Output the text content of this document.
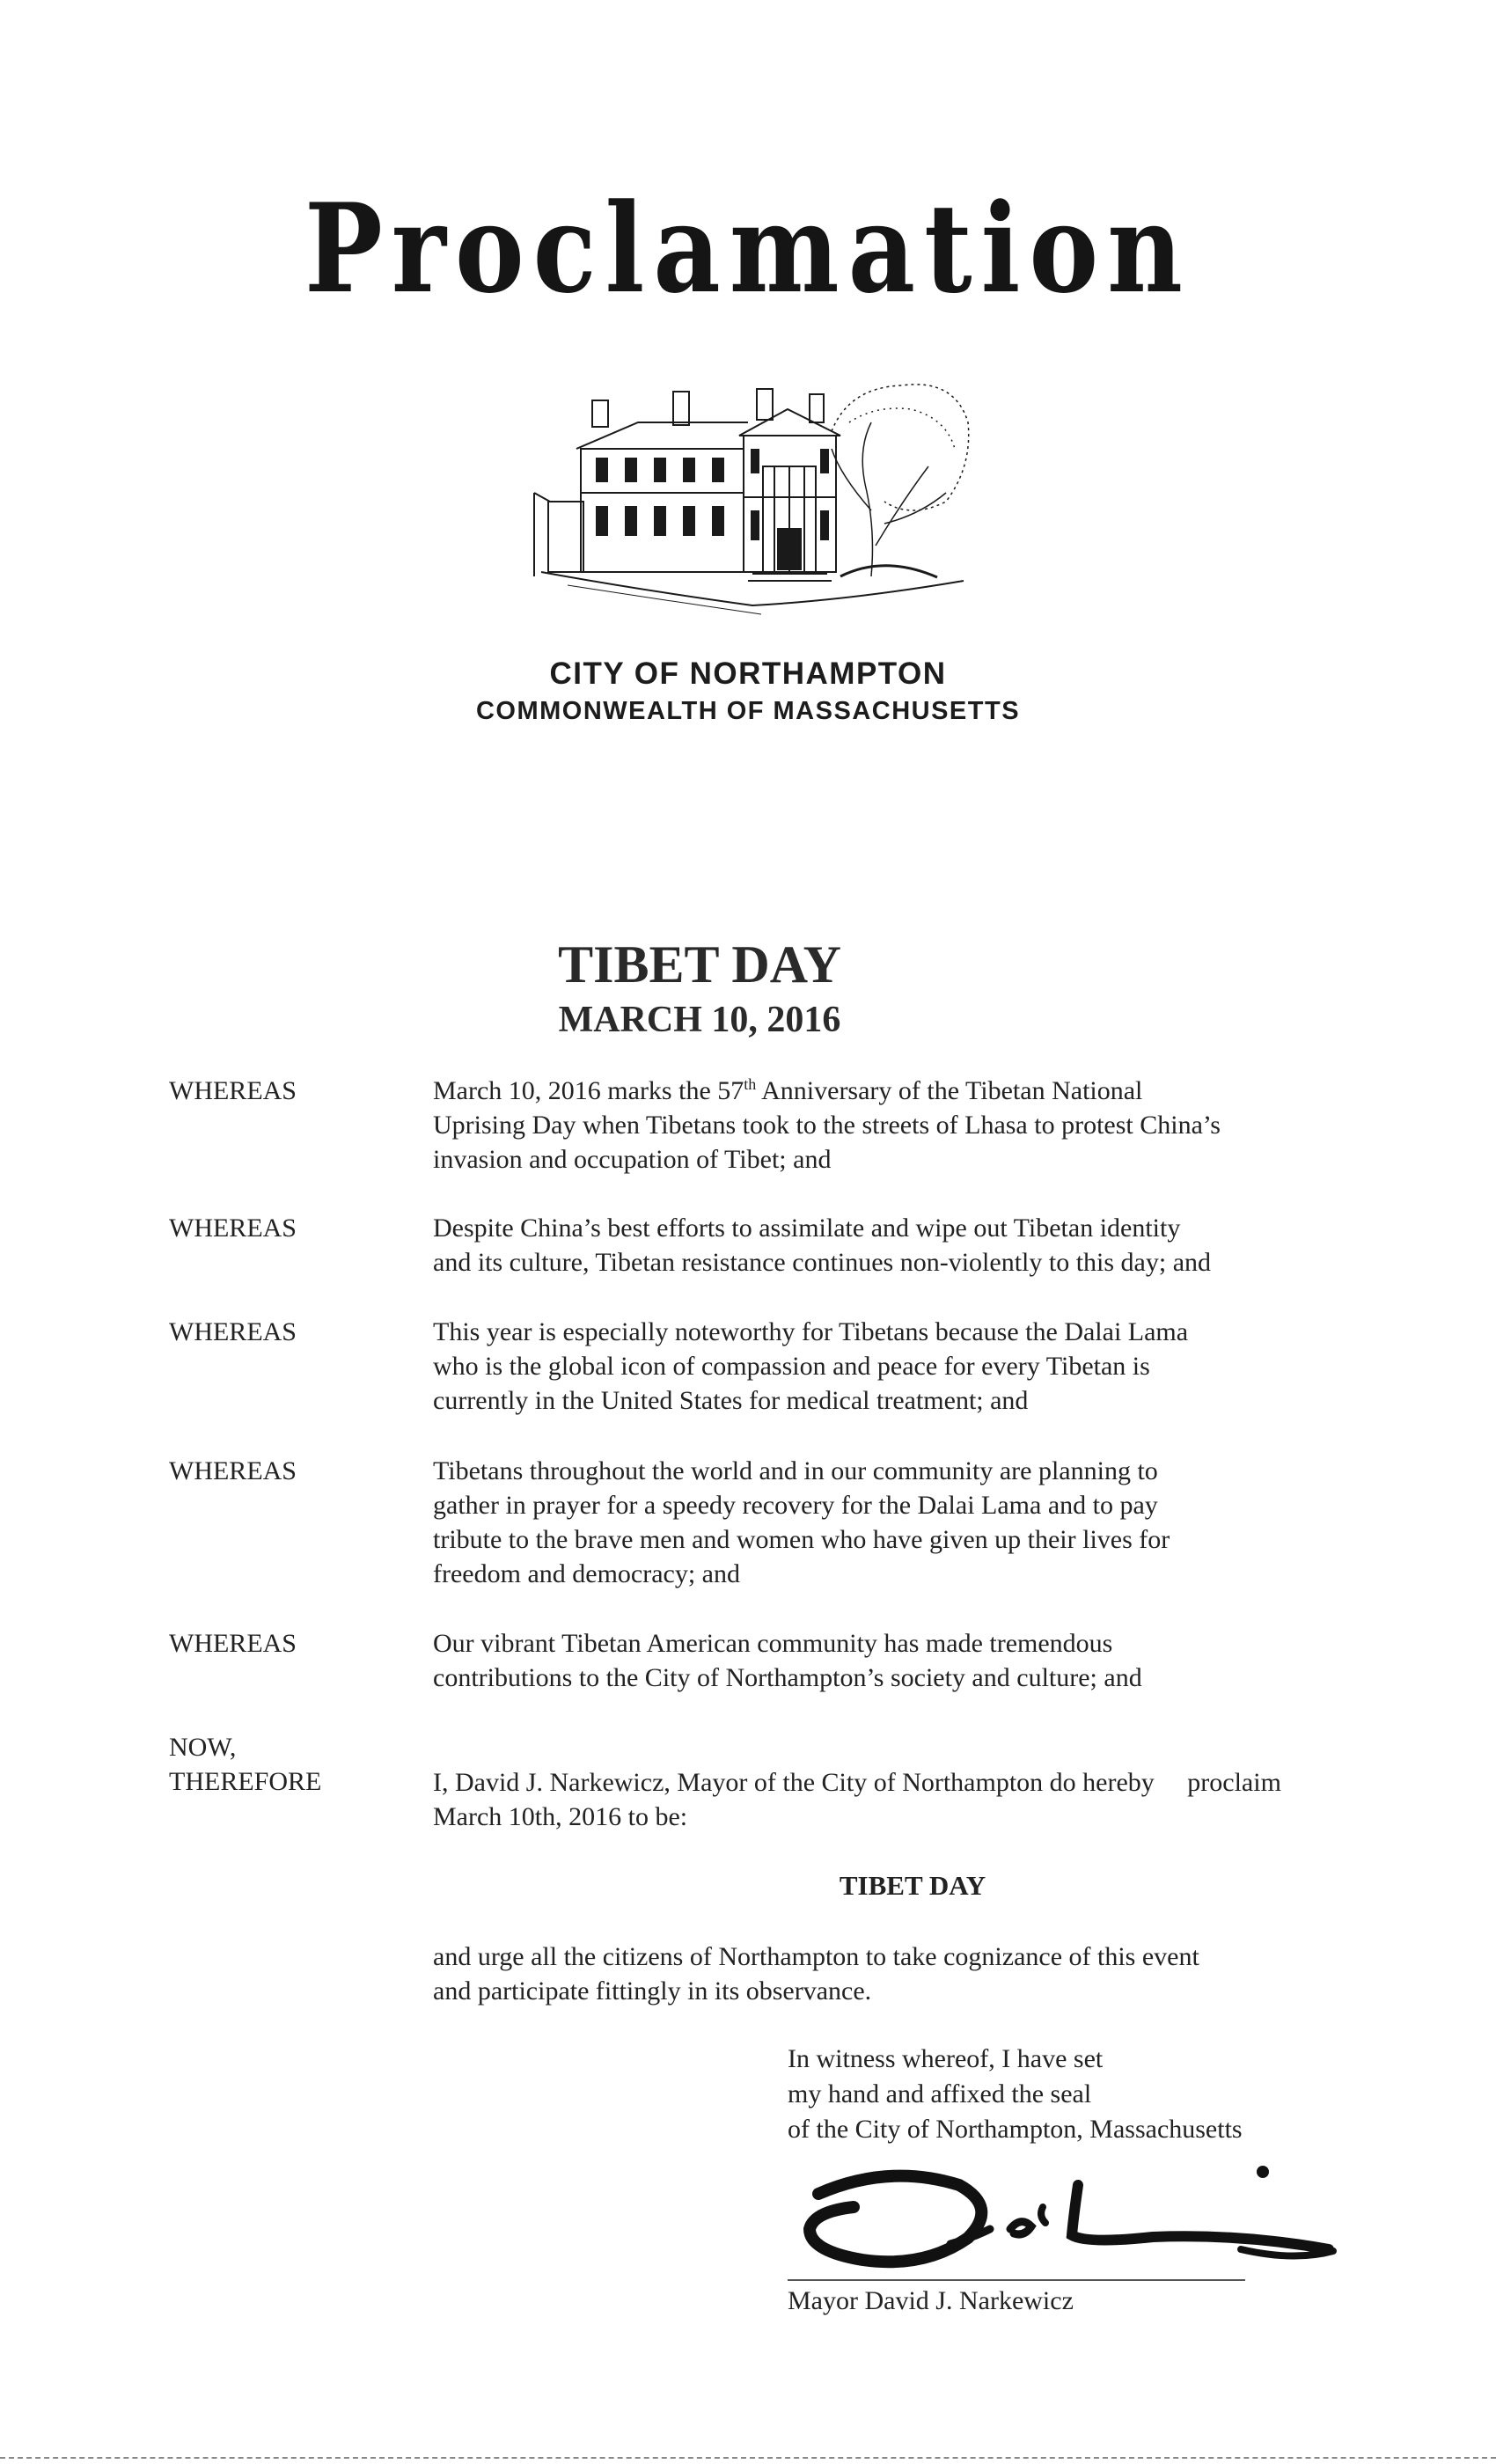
Proclamation
CITY OF NORTHAMPTON
COMMONWEALTH OF MASSACHUSETTS
TIBET DAY
MARCH 10, 2016
WHEREAS	March 10, 2016 marks the 57th Anniversary of the Tibetan National
Uprising Day when Tibetans took to the streets of Lhasa to protest China’s
invasion and occupation of Tibet; and
WHEREAS	Despite China’s best efforts to assimilate and wipe out Tibetan identity
and its culture, Tibetan resistance continues non-violently to this day; and
WHEREAS	This year is especially noteworthy for Tibetans because the Dalai Lama
who is the global icon of compassion and peace for every Tibetan is
currently in the United States for medical treatment; and
WHEREAS	Tibetans throughout the world and in our community are planning to
gather in prayer for a speedy recovery for the Dalai Lama and to pay
tribute to the brave men and women who have given up their lives for
freedom and democracy; and
WHEREAS	Our vibrant Tibetan American community has made tremendous
contributions to the City of Northampton’s society and culture; and
NOW,
THEREFORE	I, David J. Narkewicz, Mayor of the City of Northampton do hereby     proclaim
March 10th, 2016 to be:
TIBET DAY
and urge all the citizens of Northampton to take cognizance of this event
and participate fittingly in its observance.
In witness whereof, I have set
my hand and affixed the seal
of the City of Northampton, Massachusetts
Mayor David J. Narkewicz
